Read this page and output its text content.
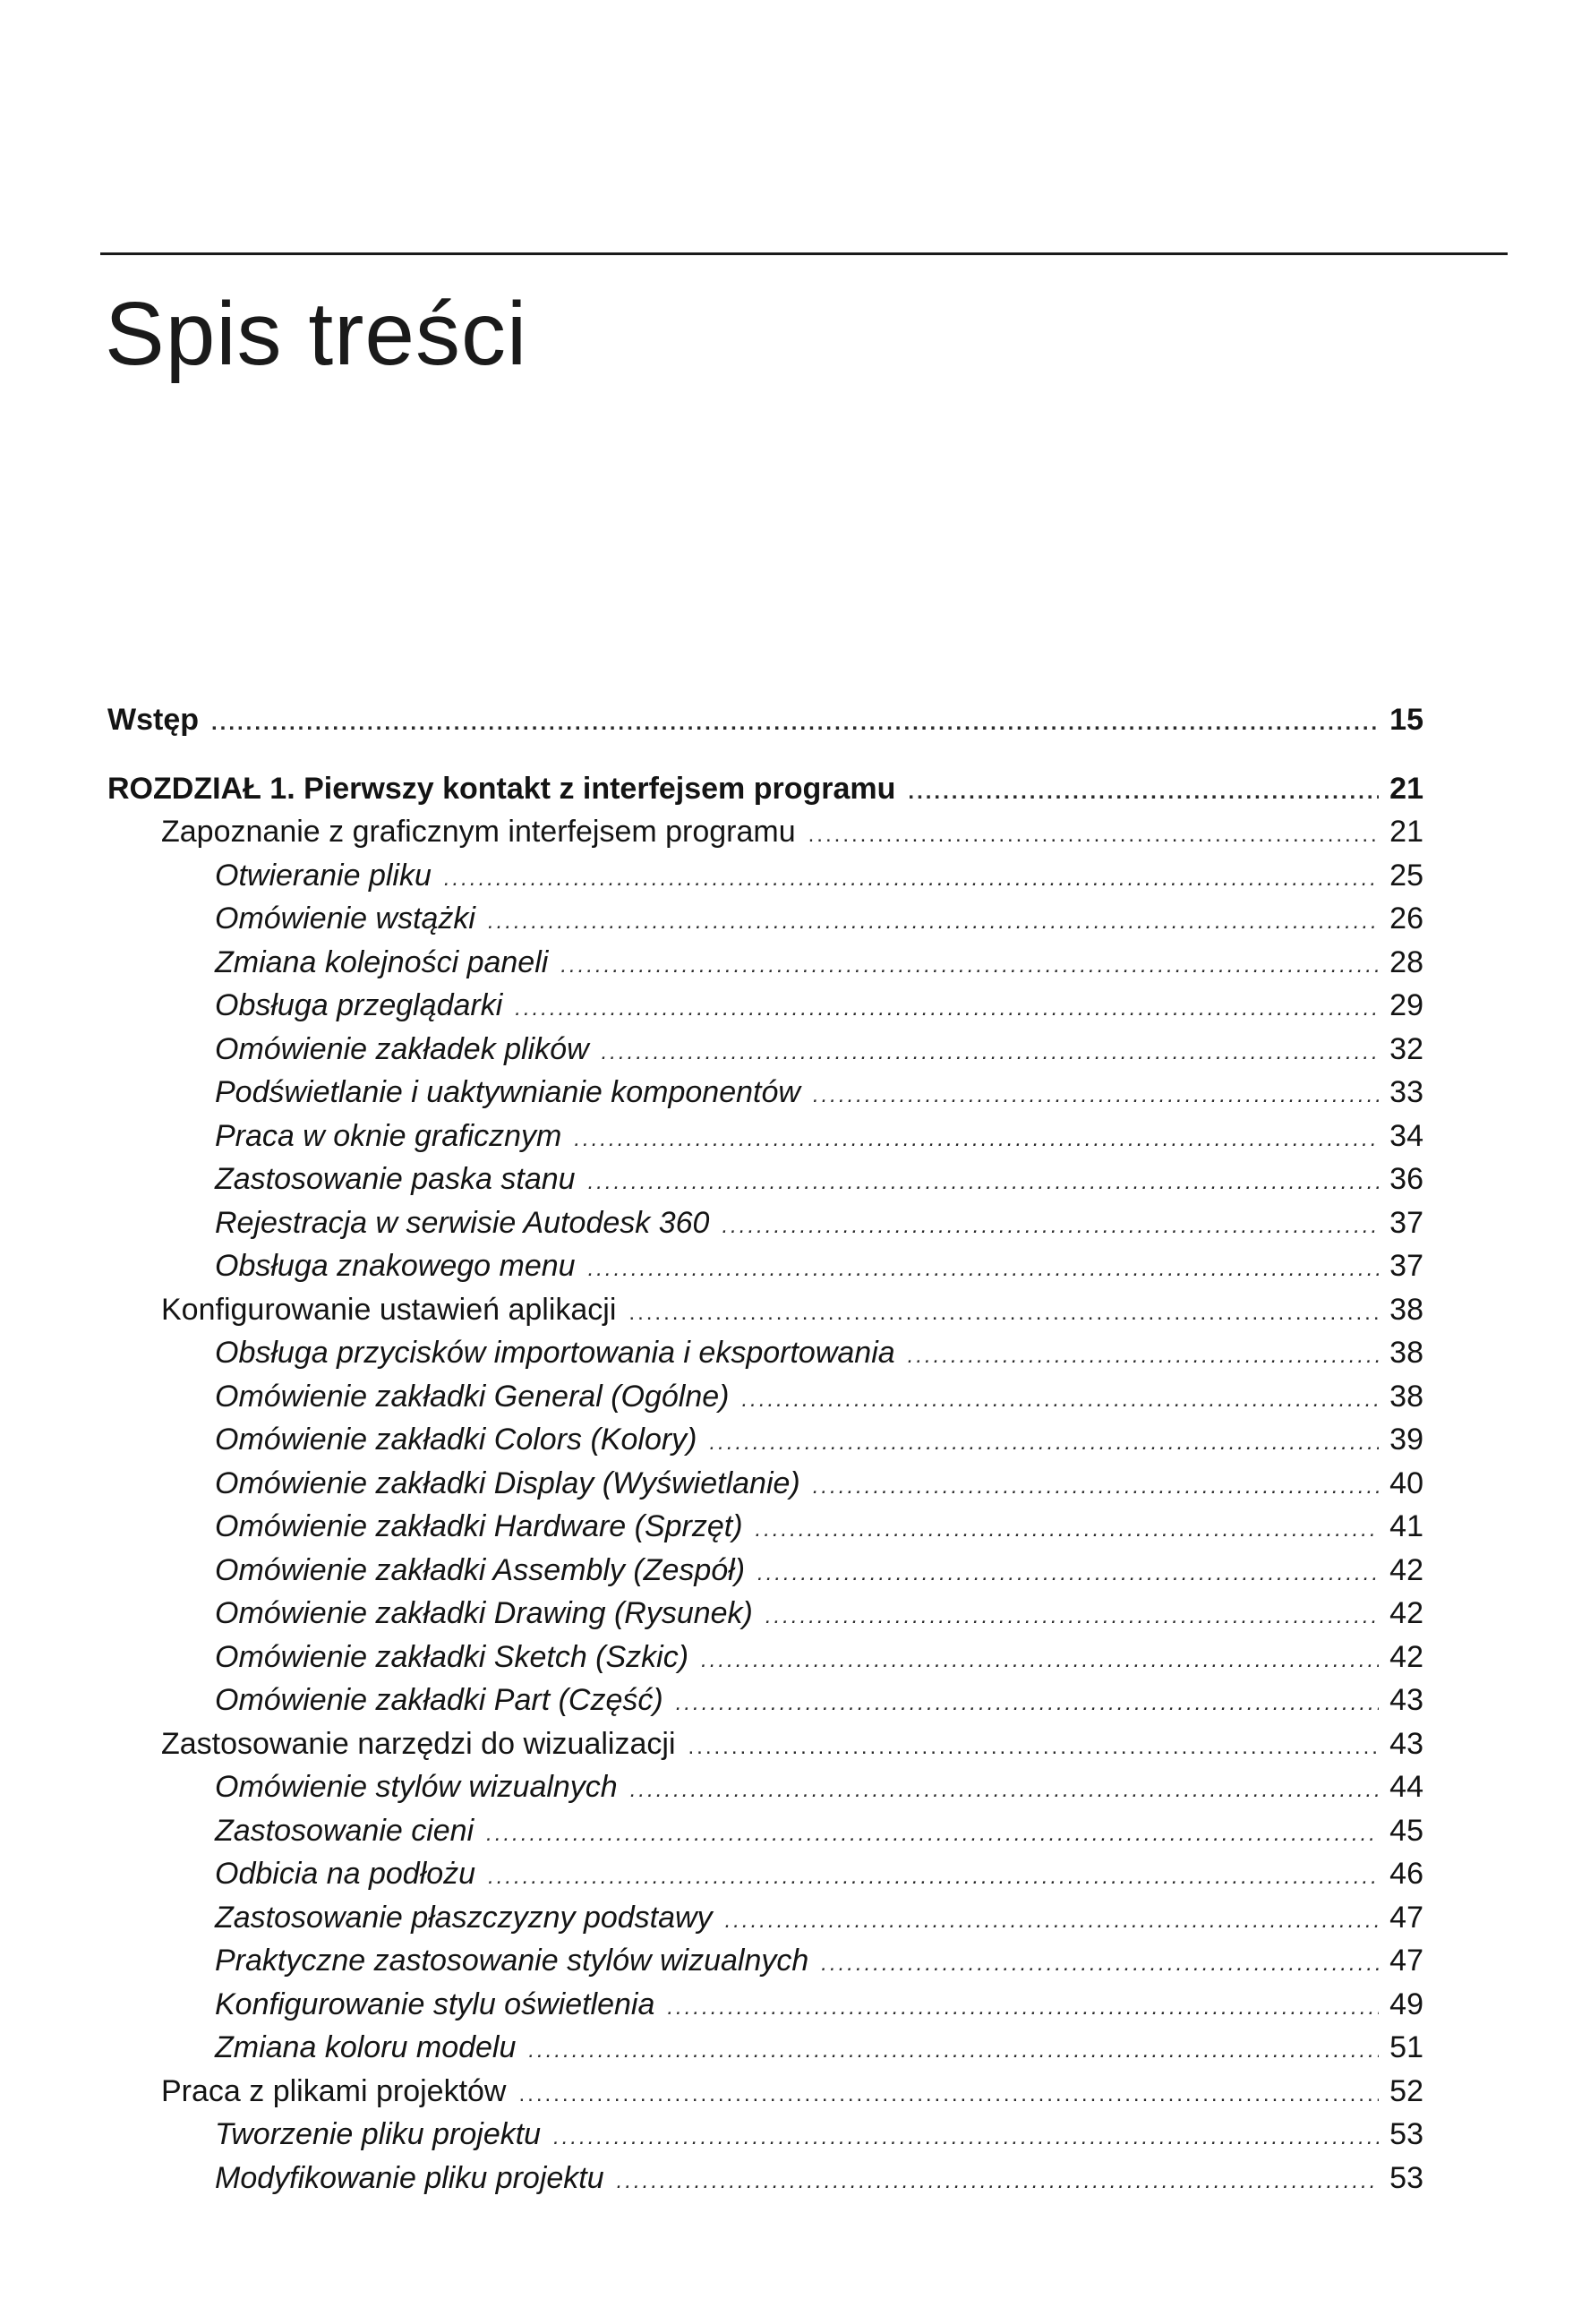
Spis treści
Wstęp .....	15
ROZDZIAŁ 1. Pierwszy kontakt z interfejsem programu .....	21
Zapoznanie z graficznym interfejsem programu .....	21
Otwieranie pliku .....	25
Omówienie wstążki .....	26
Zmiana kolejności paneli .....	28
Obsługa przeglądarki .....	29
Omówienie zakładek plików .....	32
Podświetlanie i uaktywnianie komponentów .....	33
Praca w oknie graficznym .....	34
Zastosowanie paska stanu .....	36
Rejestracja w serwisie Autodesk 360 .....	37
Obsługa znakowego menu .....	37
Konfigurowanie ustawień aplikacji .....	38
Obsługa przycisków importowania i eksportowania .....	38
Omówienie zakładki General (Ogólne) .....	38
Omówienie zakładki Colors (Kolory) .....	39
Omówienie zakładki Display (Wyświetlanie) .....	40
Omówienie zakładki Hardware (Sprzęt) .....	41
Omówienie zakładki Assembly (Zespół) .....	42
Omówienie zakładki Drawing (Rysunek) .....	42
Omówienie zakładki Sketch (Szkic) .....	42
Omówienie zakładki Part (Część) .....	43
Zastosowanie narzędzi do wizualizacji .....	43
Omówienie stylów wizualnych .....	44
Zastosowanie cieni .....	45
Odbicia na podłożu .....	46
Zastosowanie płaszczyzny podstawy .....	47
Praktyczne zastosowanie stylów wizualnych .....	47
Konfigurowanie stylu oświetlenia .....	49
Zmiana koloru modelu .....	51
Praca z plikami projektów .....	52
Tworzenie pliku projektu .....	53
Modyfikowanie pliku projektu .....	53
